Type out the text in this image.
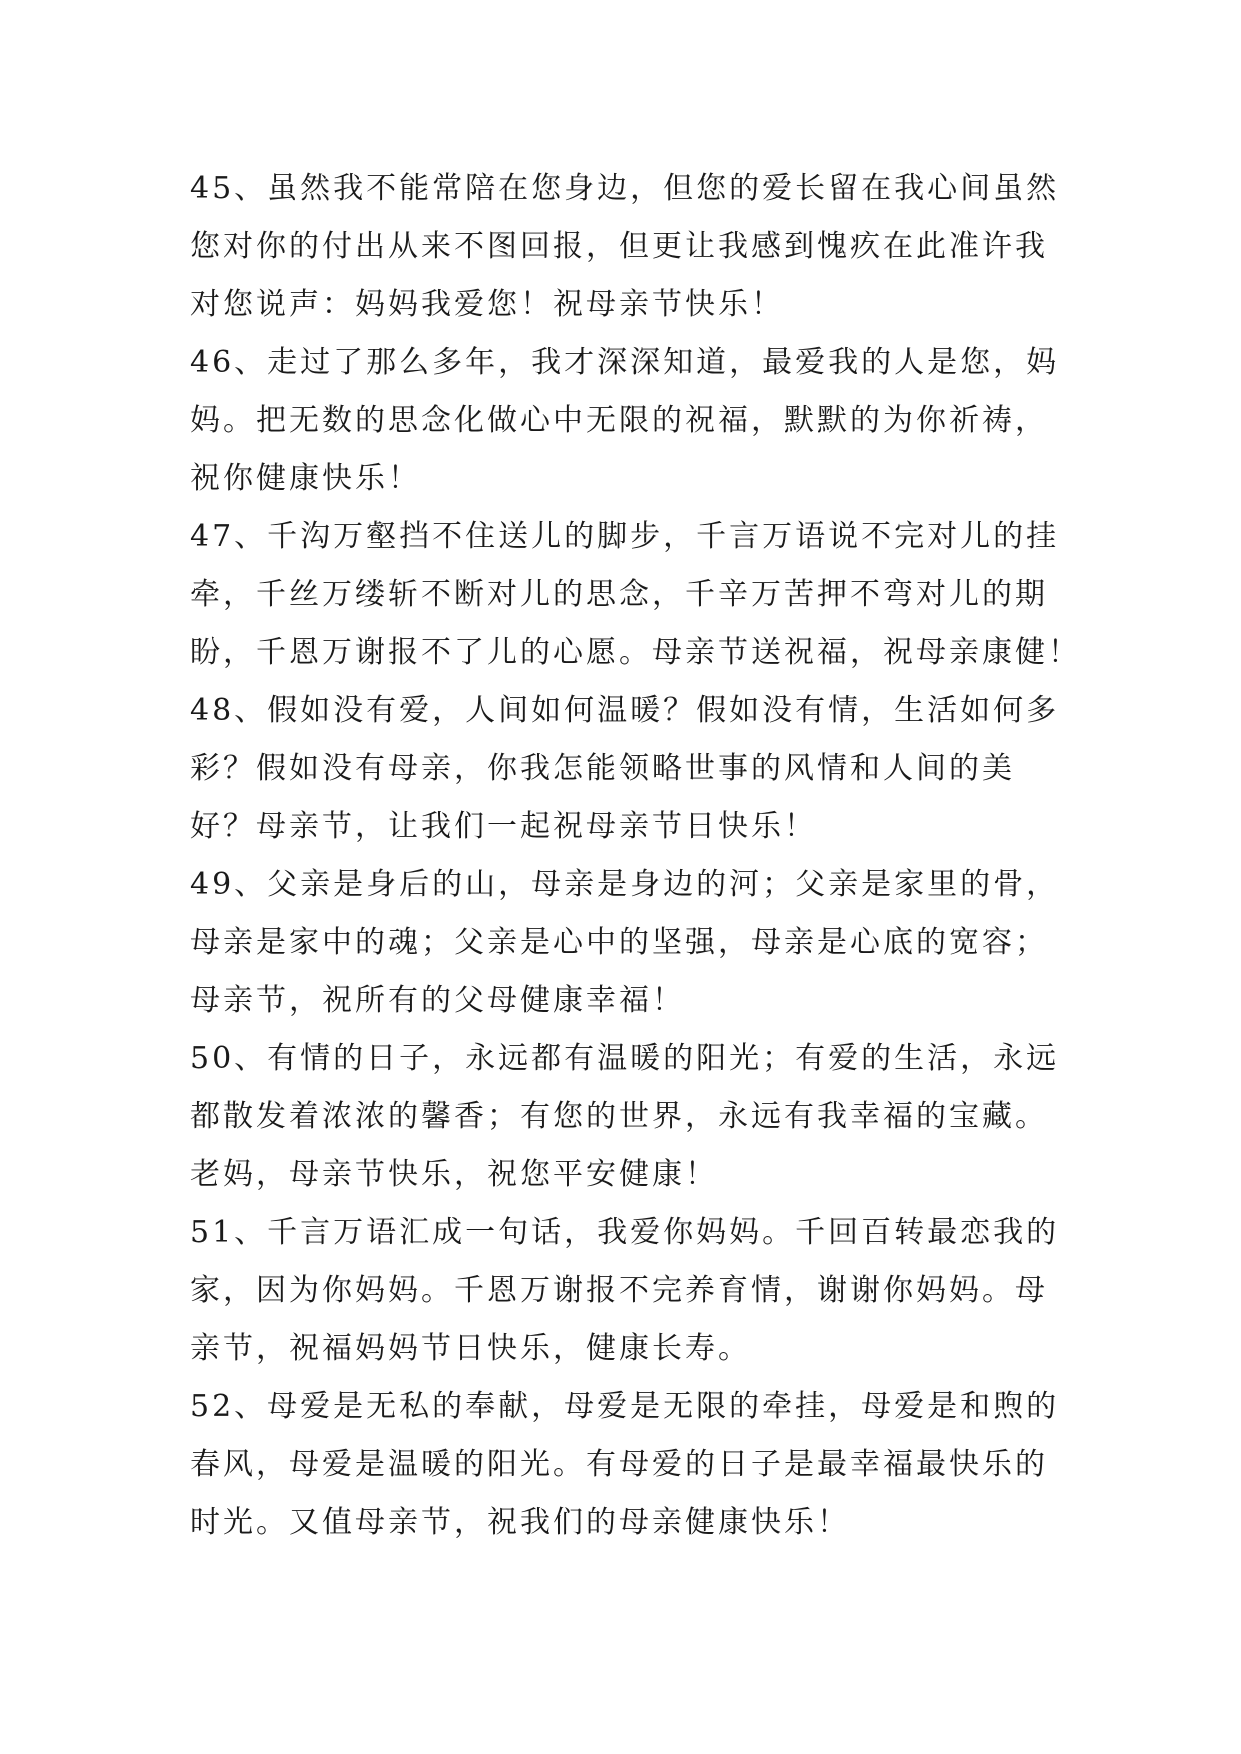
45、虽然我不能常陪在您身边，但您的爱长留在我心间虽然
您对你的付出从来不图回报，但更让我感到愧疚在此准许我
对您说声：妈妈我爱您！祝母亲节快乐！

46、走过了那么多年，我才深深知道，最爱我的人是您，妈
妈。把无数的思念化做心中无限的祝福，默默的为你祈祷，
祝你健康快乐！

47、千沟万壑挡不住送儿的脚步，千言万语说不完对儿的挂
牵，千丝万缕斩不断对儿的思念，千辛万苦押不弯对儿的期
盼，千恩万谢报不了儿的心愿。母亲节送祝福，祝母亲康健！

48、假如没有爱，人间如何温暖？假如没有情，生活如何多
彩？假如没有母亲，你我怎能领略世事的风情和人间的美
好？母亲节，让我们一起祝母亲节日快乐！

49、父亲是身后的山，母亲是身边的河；父亲是家里的骨，
母亲是家中的魂；父亲是心中的坚强，母亲是心底的宽容；
母亲节，祝所有的父母健康幸福！

50、有情的日子，永远都有温暖的阳光；有爱的生活，永远
都散发着浓浓的馨香；有您的世界，永远有我幸福的宝藏。
老妈，母亲节快乐，祝您平安健康！

51、千言万语汇成一句话，我爱你妈妈。千回百转最恋我的
家，因为你妈妈。千恩万谢报不完养育情，谢谢你妈妈。母
亲节，祝福妈妈节日快乐，健康长寿。

52、母爱是无私的奉献，母爱是无限的牵挂，母爱是和煦的
春风，母爱是温暖的阳光。有母爱的日子是最幸福最快乐的
时光。又值母亲节，祝我们的母亲健康快乐！
